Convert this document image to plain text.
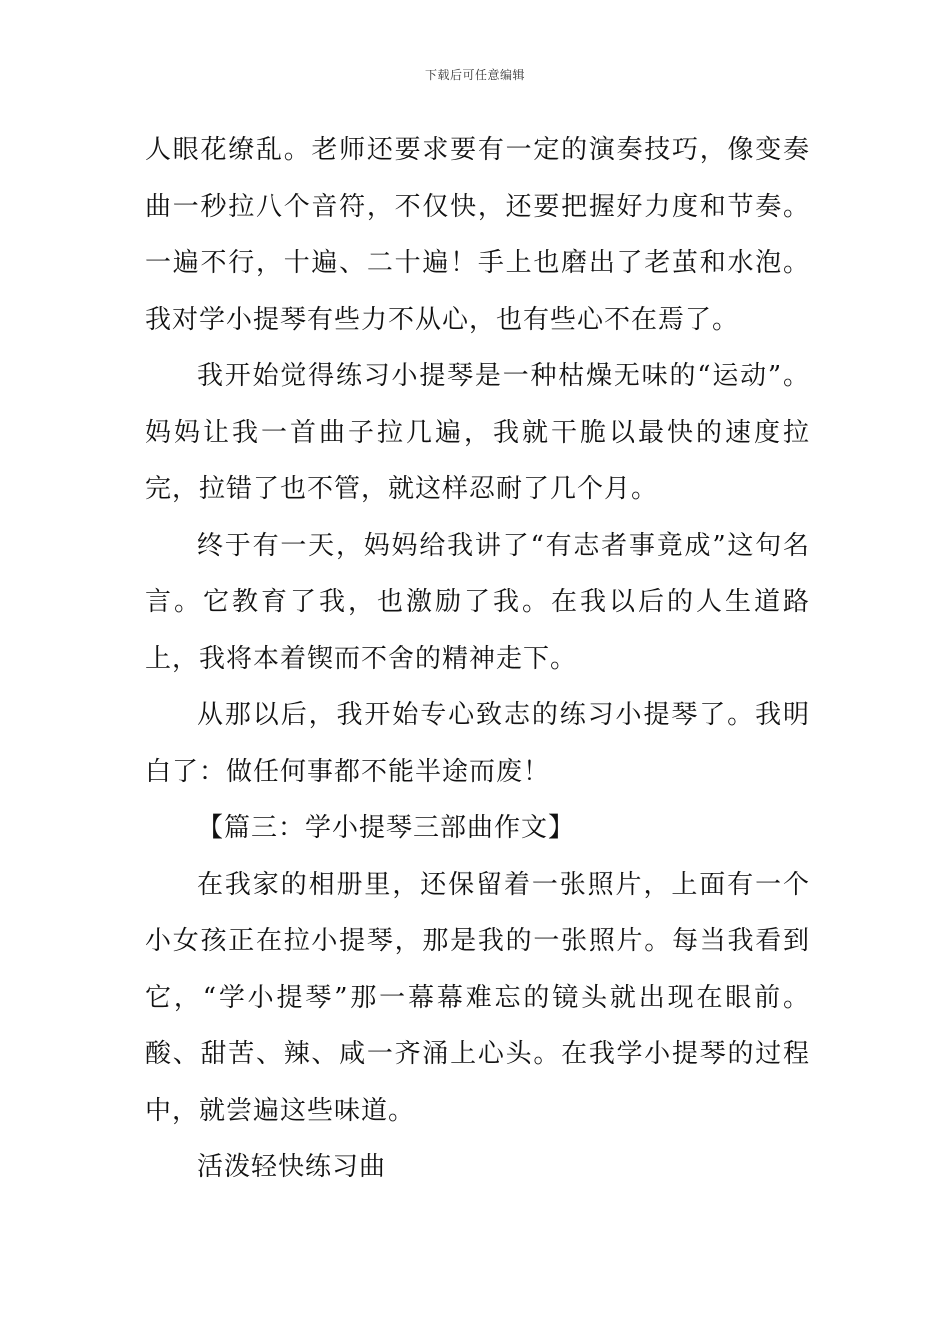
下载后可任意编辑

人眼花缭乱。老师还要求要有一定的演奏技巧，像变奏曲一秒拉八个音符，不仅快，还要把握好力度和节奏。一遍不行，十遍、二十遍！手上也磨出了老茧和水泡。我对学小提琴有些力不从心，也有些心不在焉了。

我开始觉得练习小提琴是一种枯燥无味的“运动”。妈妈让我一首曲子拉几遍，我就干脆以最快的速度拉完，拉错了也不管，就这样忍耐了几个月。

终于有一天，妈妈给我讲了“有志者事竟成”这句名言。它教育了我，也激励了我。在我以后的人生道路上，我将本着锲而不舍的精神走下。

从那以后，我开始专心致志的练习小提琴了。我明白了：做任何事都不能半途而废！

【篇三：学小提琴三部曲作文】

在我家的相册里，还保留着一张照片，上面有一个小女孩正在拉小提琴，那是我的一张照片。每当我看到它，“学小提琴”那一幕幕难忘的镜头就出现在眼前。酸、甜苦、辣、咸一齐涌上心头。在我学小提琴的过程中，就尝遍这些味道。

活泼轻快练习曲
